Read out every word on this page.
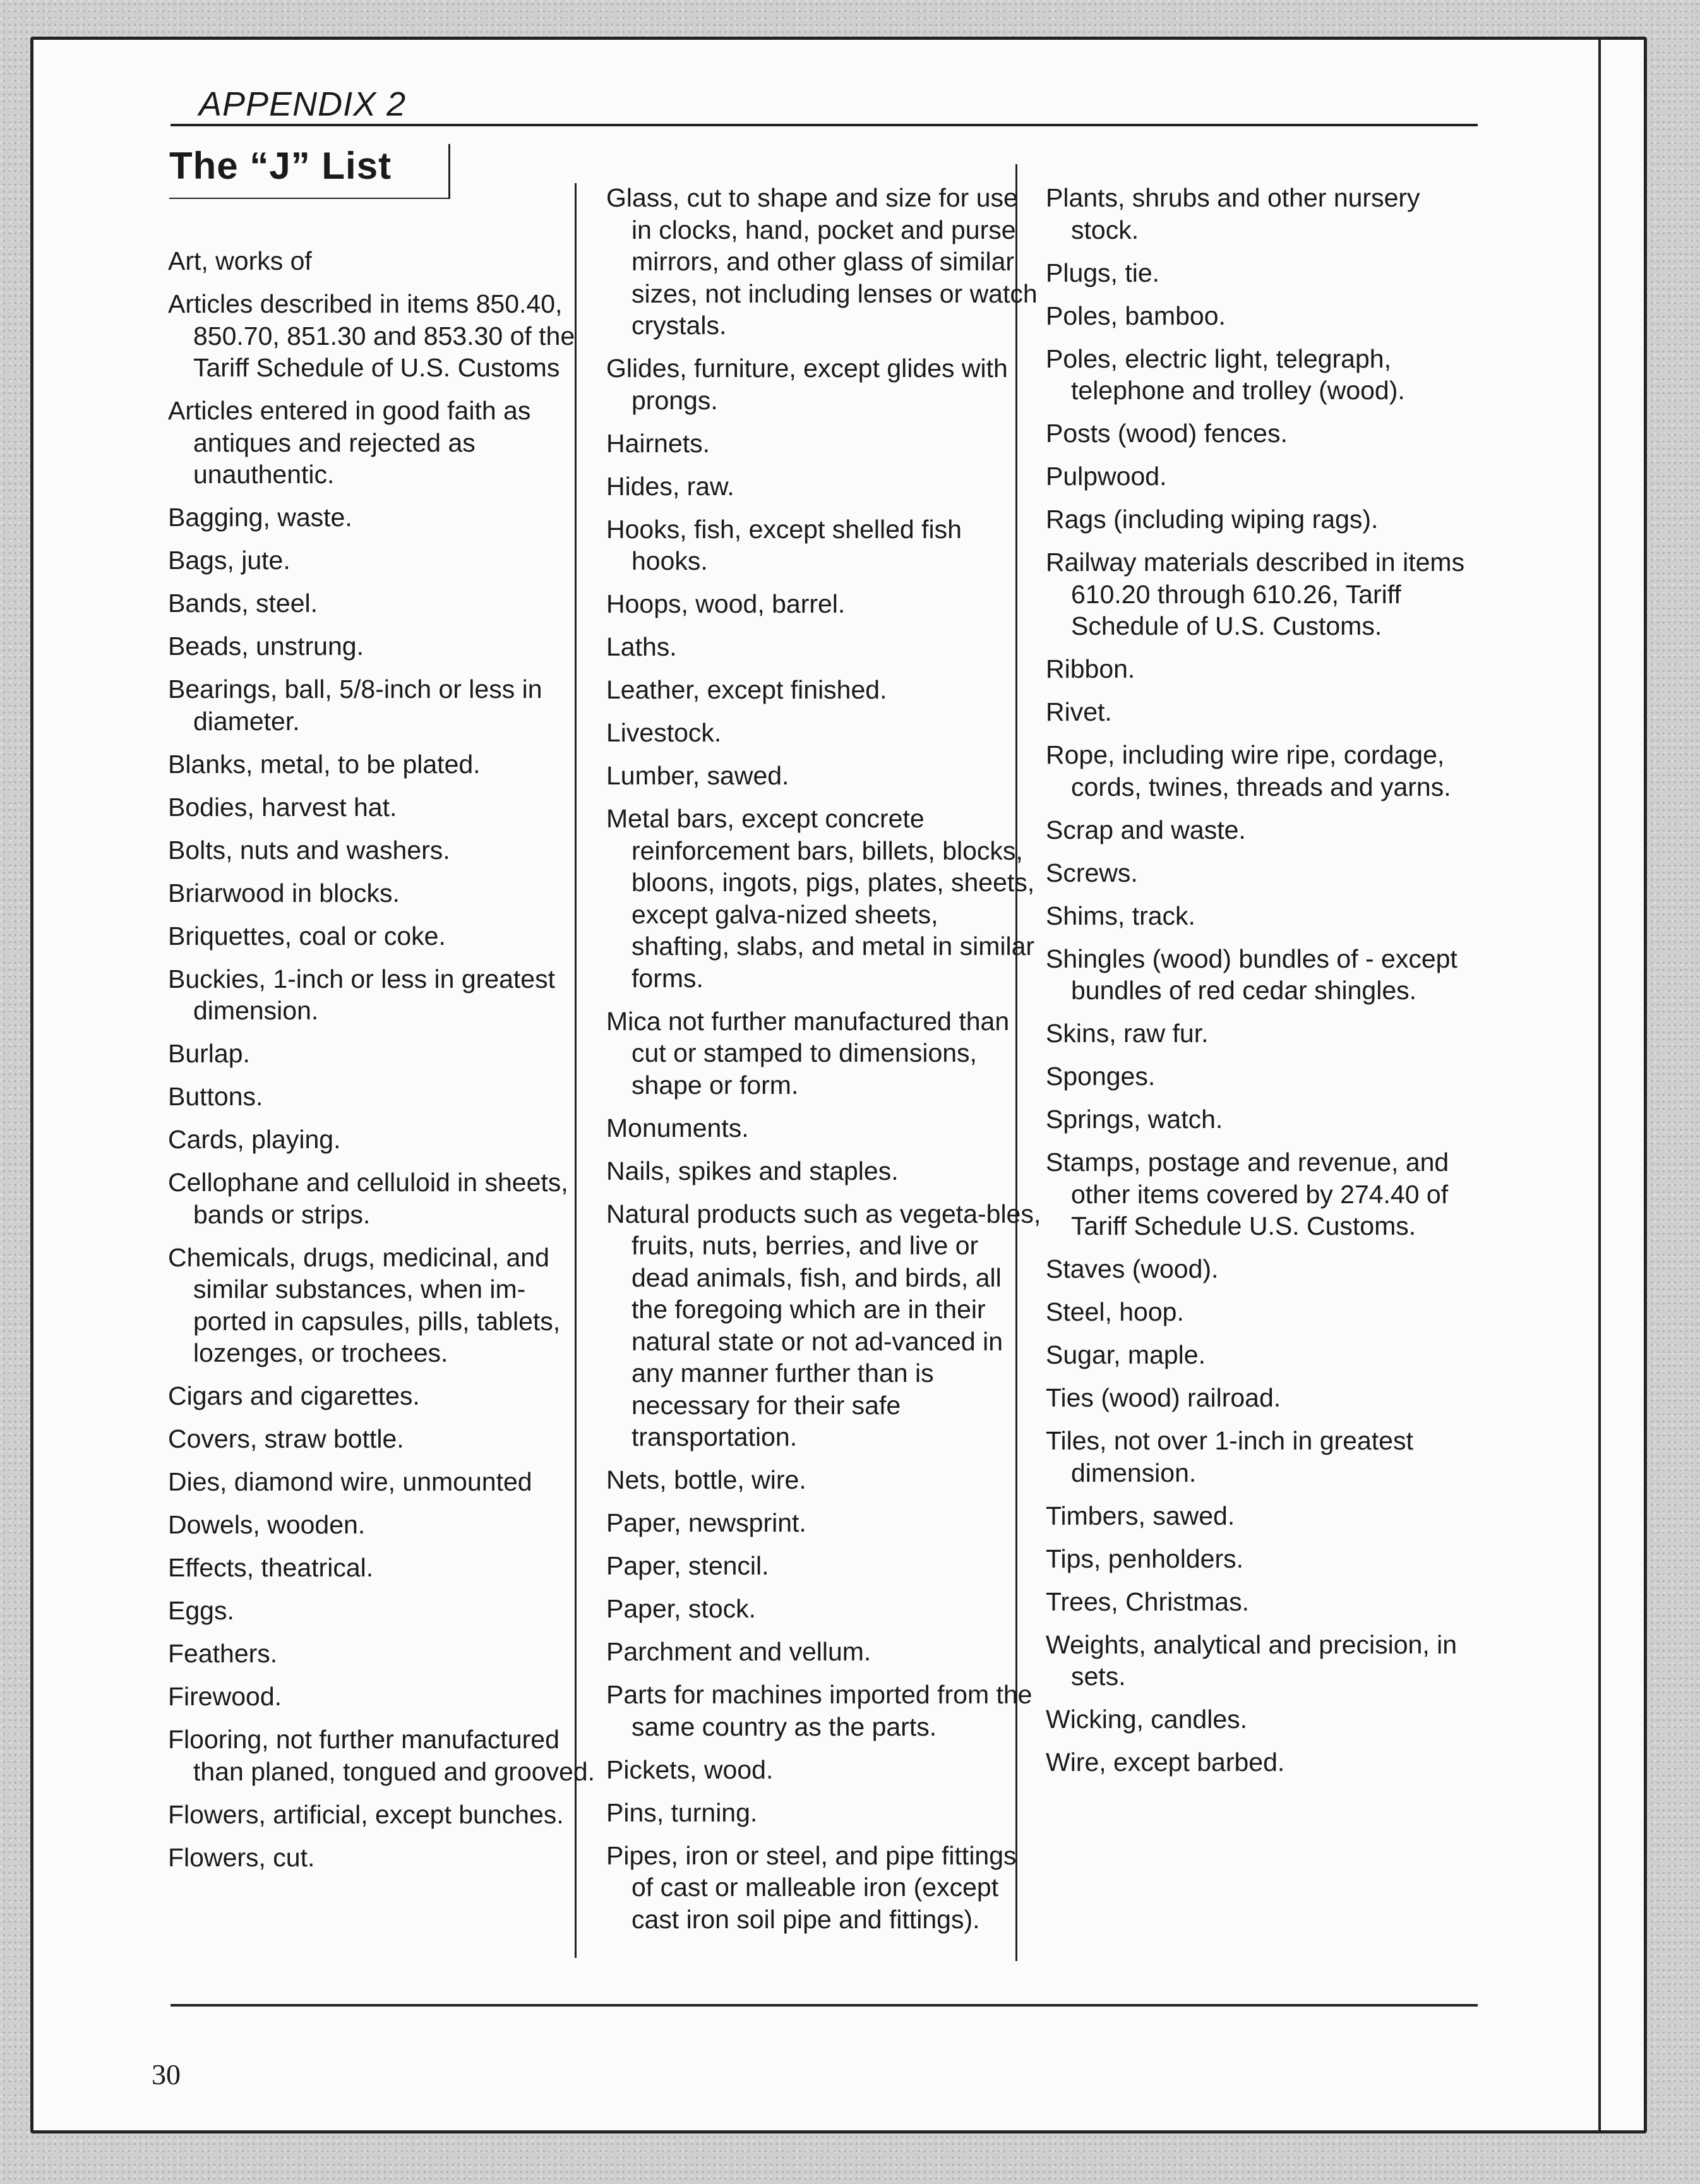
APPENDIX 2
The “J” List
Art, works of
Articles described in items 850.40, 850.70, 851.30 and 853.30 of the Tariff Schedule of U.S. Customs
Articles entered in good faith as antiques and rejected as unauthentic.
Bagging, waste.
Bags, jute.
Bands, steel.
Beads, unstrung.
Bearings, ball, 5/8-inch or less in diameter.
Blanks, metal, to be plated.
Bodies, harvest hat.
Bolts, nuts and washers.
Briarwood in blocks.
Briquettes, coal or coke.
Buckies, 1-inch or less in greatest dimension.
Burlap.
Buttons.
Cards, playing.
Cellophane and celluloid in sheets, bands or strips.
Chemicals, drugs, medicinal, and similar substances, when im-ported in capsules, pills, tablets, lozenges, or trochees.
Cigars and cigarettes.
Covers, straw bottle.
Dies, diamond wire, unmounted
Dowels, wooden.
Effects, theatrical.
Eggs.
Feathers.
Firewood.
Flooring, not further manufactured than planed, tongued and grooved.
Flowers, artificial, except bunches.
Flowers, cut.
Glass, cut to shape and size for use in clocks, hand, pocket and purse mirrors, and other glass of similar sizes, not including lenses or watch crystals.
Glides, furniture, except glides with prongs.
Hairnets.
Hides, raw.
Hooks, fish, except shelled fish hooks.
Hoops, wood, barrel.
Laths.
Leather, except finished.
Livestock.
Lumber, sawed.
Metal bars, except concrete reinforcement bars, billets, blocks, bloons, ingots, pigs, plates, sheets, except galva-nized sheets, shafting, slabs, and metal in similar forms.
Mica not further manufactured than cut or stamped to dimensions, shape or form.
Monuments.
Nails, spikes and staples.
Natural products such as vegeta-bles, fruits, nuts, berries, and live or dead animals, fish, and birds, all the foregoing which are in their natural state or not ad-vanced in any manner further than is necessary for their safe transportation.
Nets, bottle, wire.
Paper, newsprint.
Paper, stencil.
Paper, stock.
Parchment and vellum.
Parts for machines imported from the same country as the parts.
Pickets, wood.
Pins, turning.
Pipes, iron or steel, and pipe fittings of cast or malleable iron (except cast iron soil pipe and fittings).
Plants, shrubs and other nursery stock.
Plugs, tie.
Poles, bamboo.
Poles, electric light, telegraph, telephone and trolley (wood).
Posts (wood) fences.
Pulpwood.
Rags (including wiping rags).
Railway materials described in items 610.20 through 610.26, Tariff Schedule of U.S. Customs.
Ribbon.
Rivet.
Rope, including wire ripe, cordage, cords, twines, threads and yarns.
Scrap and waste.
Screws.
Shims, track.
Shingles (wood) bundles of - except bundles of red cedar shingles.
Skins, raw fur.
Sponges.
Springs, watch.
Stamps, postage and revenue, and other items covered by 274.40 of Tariff Schedule U.S. Customs.
Staves (wood).
Steel, hoop.
Sugar, maple.
Ties (wood) railroad.
Tiles, not over 1-inch in greatest dimension.
Timbers, sawed.
Tips, penholders.
Trees, Christmas.
Weights, analytical and precision, in sets.
Wicking, candles.
Wire, except barbed.
30
